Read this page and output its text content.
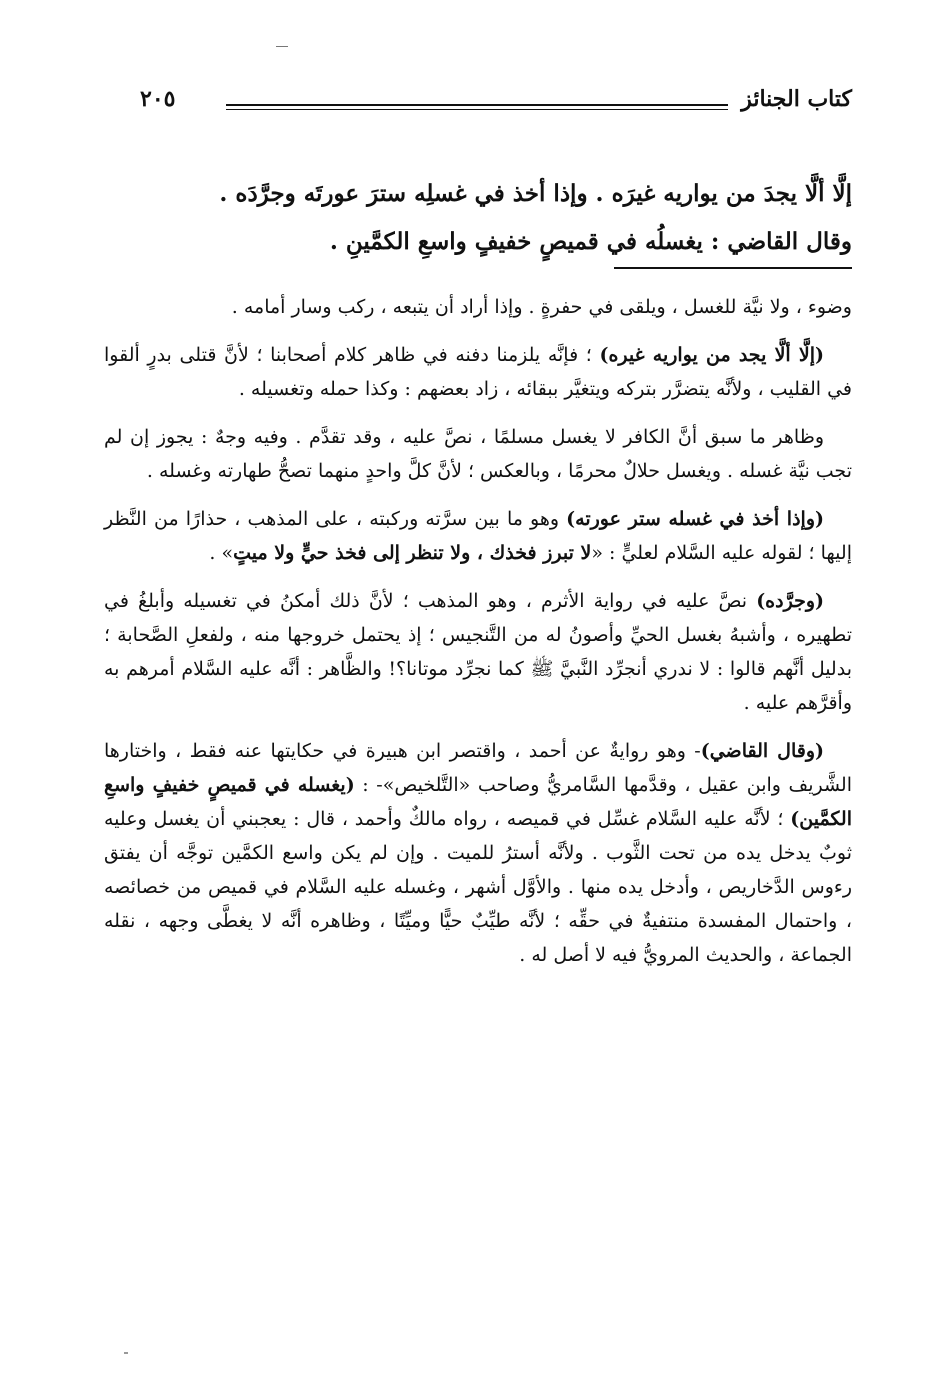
كتاب الجنائز
٢٠٥

إلَّا ألَّا يجدَ من يواريه غيرَه . وإذا أخذ في غسلِه سترَ عورتَه وجرَّدَه .

وقال القاضي : يغسلُه في قميصٍ خفيفٍ واسعِ الكمَّينِ .

وضوء ، ولا نيَّة للغسل ، ويلقى في حفرةٍ . وإذا أراد أن يتبعه ، ركب وسار أمامه .

(إلَّا ألَّا يجد من يواريه غيره) ؛ فإنَّه يلزمنا دفنه في ظاهر كلام أصحابنا ؛ لأنَّ قتلى بدرٍ ألقوا في القليب ، ولأنَّه يتضرَّر بتركه ويتغيَّر ببقائه ، زاد بعضهم : وكذا حمله وتغسيله .

وظاهر ما سبق أنَّ الكافر لا يغسل مسلمًا ، نصَّ عليه ، وقد تقدَّم . وفيه وجهٌ : يجوز إن لم تجب نيَّة غسله . ويغسل حلالٌ محرمًا ، وبالعكس ؛ لأنَّ كلَّ واحدٍ منهما تصحُّ طهارته وغسله .

(وإذا أخذ في غسله ستر عورته) وهو ما بين سرَّته وركبته ، على المذهب ، حذارًا من النَّظر إليها ؛ لقوله عليه السَّلام لعليٍّ : «لا تبرز فخذك ، ولا تنظر إلى فخذ حيٍّ ولا ميتٍ» .

(وجرَّده) نصَّ عليه في رواية الأثرم ، وهو المذهب ؛ لأنَّ ذلك أمكنُ في تغسيله وأبلغُ في تطهيره ، وأشبهُ بغسل الحيِّ وأصونُ له من التَّنجيس ؛ إذ يحتمل خروجها منه ، ولفعلِ الصَّحابة ؛ بدليل أنَّهم قالوا : لا ندري أنجرِّد النَّبيَّ ﷺ كما نجرِّد موتانا؟! والظَّاهر : أنَّه عليه السَّلام أمرهم به وأقرَّهم عليه .

(وقال القاضي)- وهو روايةٌ عن أحمد ، واقتصر ابن هبيرة في حكايتها عنه فقط ، واختارها الشَّريف وابن عقيل ، وقدَّمها السَّامريُّ وصاحب «التَّلخيص»- : (يغسله في قميصٍ خفيفٍ واسعِ الكمَّين) ؛ لأنَّه عليه السَّلام غسِّل في قميصه ، رواه مالكٌ وأحمد ، قال : يعجبني أن يغسل وعليه ثوبٌ يدخل يده من تحت الثَّوب . ولأنَّه أسترُ للميت . وإن لم يكن واسع الكمَّين توجَّه أن يفتق رءوس الدَّخاريص ، وأدخل يده منها . والأوَّل أشهر ، وغسله عليه السَّلام في قميص من خصائصه ، واحتمال المفسدة منتفيةٌ في حقِّه ؛ لأنَّه طيِّبٌ حيًّا وميِّتًا ، وظاهره أنَّه لا يغطَّى وجهه ، نقله الجماعة ، والحديث المرويُّ فيه لا أصل له .
